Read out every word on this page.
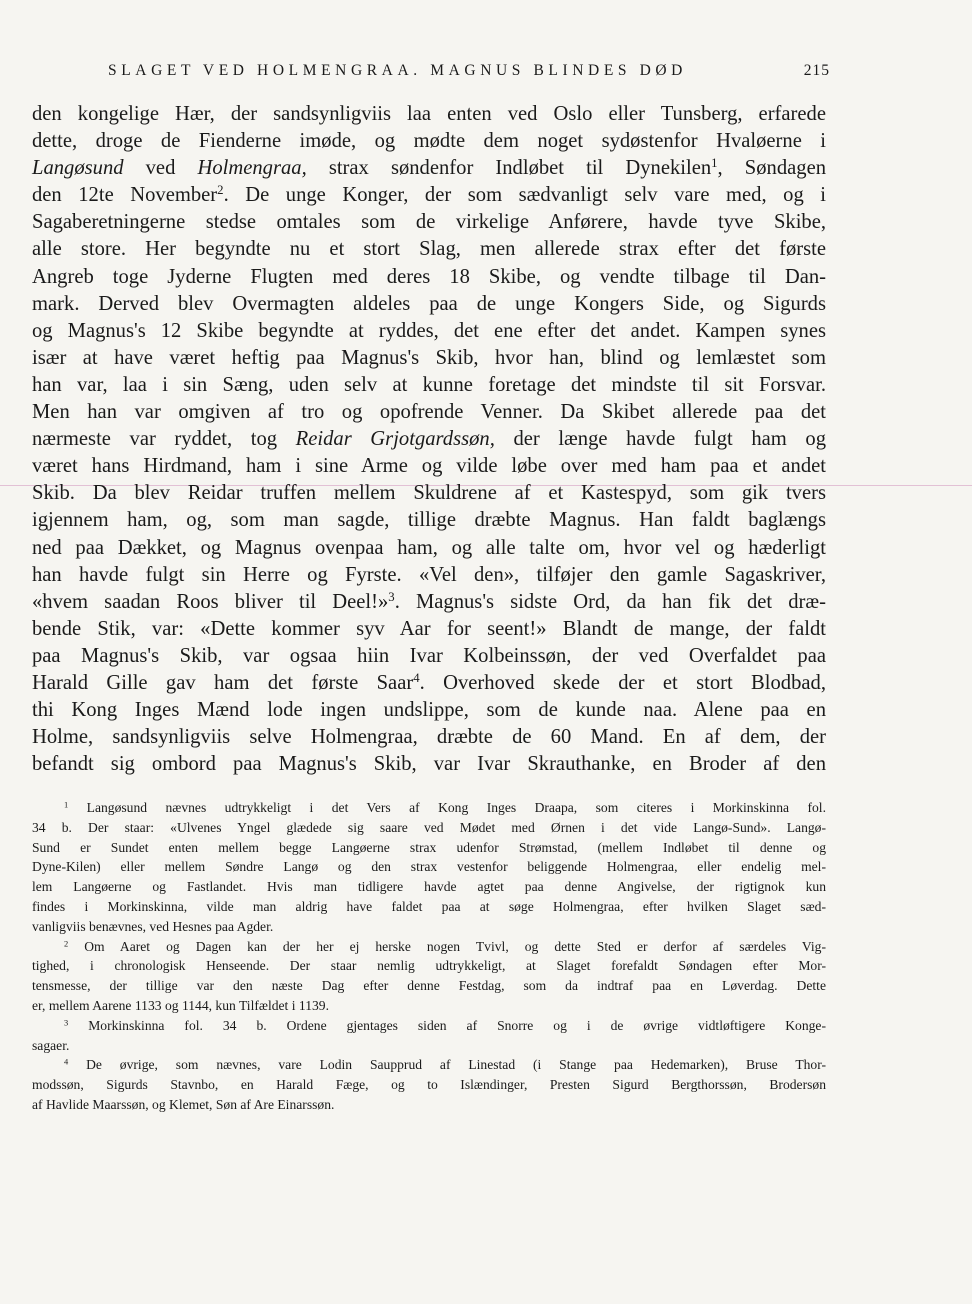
SLAGET VED HOLMENGRAA. MAGNUS BLINDES DØD	215
den kongelige Hær, der sandsynligviis laa enten ved Oslo eller Tunsberg, erfarede
dette, droge de Fienderne imøde, og mødte dem noget sydøstenfor Hvaløerne i
Langøsund ved Holmengraa, strax søndenfor Indløbet til Dynekilen$^1$, Søndagen
den 12te November$^2$. De unge Konger, der som sædvanligt selv vare med, og i
Sagaberetningerne stedse omtales som de virkelige Anførere, havde tyve Skibe,
alle store. Her begyndte nu et stort Slag, men allerede strax efter det første
Angreb toge Jyderne Flugten med deres 18 Skibe, og vendte tilbage til Dan-
mark. Derved blev Overmagten aldeles paa de unge Kongers Side, og Sigurds
og Magnus's 12 Skibe begyndte at ryddes, det ene efter det andet. Kampen synes
især at have været heftig paa Magnus's Skib, hvor han, blind og lemlæstet som
han var, laa i sin Sæng, uden selv at kunne foretage det mindste til sit Forsvar.
Men han var omgiven af tro og opofrende Venner. Da Skibet allerede paa det
nærmeste var ryddet, tog Reidar Grjotgardssøn, der længe havde fulgt ham og
været hans Hirdmand, ham i sine Arme og vilde løbe over med ham paa et andet
Skib. Da blev Reidar truffen mellem Skuldrene af et Kastespyd, som gik tvers
igjennem ham, og, som man sagde, tillige dræbte Magnus. Han faldt baglængs
ned paa Dækket, og Magnus ovenpaa ham, og alle talte om, hvor vel og hæderligt
han havde fulgt sin Herre og Fyrste. «Vel den», tilføjer den gamle Sagaskriver,
«hvem saadan Roos bliver til Deel!»$^3$. Magnus's sidste Ord, da han fik det dræ-
bende Stik, var: «Dette kommer syv Aar for seent!» Blandt de mange, der faldt
paa Magnus's Skib, var ogsaa hiin Ivar Kolbeinssøn, der ved Overfaldet paa
Harald Gille gav ham det første Saar$^4$. Overhoved skede der et stort Blodbad,
thi Kong Inges Mænd lode ingen undslippe, som de kunde naa. Alene paa en
Holme, sandsynligviis selve Holmengraa, dræbte de 60 Mand. En af dem, der
befandt sig ombord paa Magnus's Skib, var Ivar Skrauthanke, en Broder af den
$^1$ Langøsund nævnes udtrykkeligt i det Vers af Kong Inges Draapa, som citeres i Morkinskinna fol.
34 b. Der staar: «Ulvenes Yngel glædede sig saare ved Mødet med Ørnen i det vide Langø-Sund». Langø-
Sund er Sundet enten mellem begge Langøerne strax udenfor Strømstad, (mellem Indløbet til denne og
Dyne-Kilen) eller mellem Søndre Langø og den strax vestenfor beliggende Holmengraa, eller endelig mel-
lem Langøerne og Fastlandet. Hvis man tidligere havde agtet paa denne Angivelse, der rigtignok kun
findes i Morkinskinna, vilde man aldrig have faldet paa at søge Holmengraa, efter hvilken Slaget sæd-
vanligviis benævnes, ved Hesnes paa Agder.
$^2$ Om Aaret og Dagen kan der her ej herske nogen Tvivl, og dette Sted er derfor af særdeles Vig-
tighed, i chronologisk Henseende. Der staar nemlig udtrykkeligt, at Slaget forefaldt Søndagen efter Mor-
tensmesse, der tillige var den næste Dag efter denne Festdag, som da indtraf paa en Løverdag. Dette
er, mellem Aarene 1133 og 1144, kun Tilfældet i 1139.
$^3$ Morkinskinna fol. 34 b. Ordene gjentages siden af Snorre og i de øvrige vidtløftigere Konge-
sagaer.
$^4$ De øvrige, som nævnes, vare Lodin Saupprud af Linestad (i Stange paa Hedemarken), Bruse Thor-
modssøn, Sigurds Stavnbo, en Harald Fæge, og to Islændinger, Presten Sigurd Bergthorssøn, Brodersøn
af Havlide Maarssøn, og Klemet, Søn af Are Einarssøn.
